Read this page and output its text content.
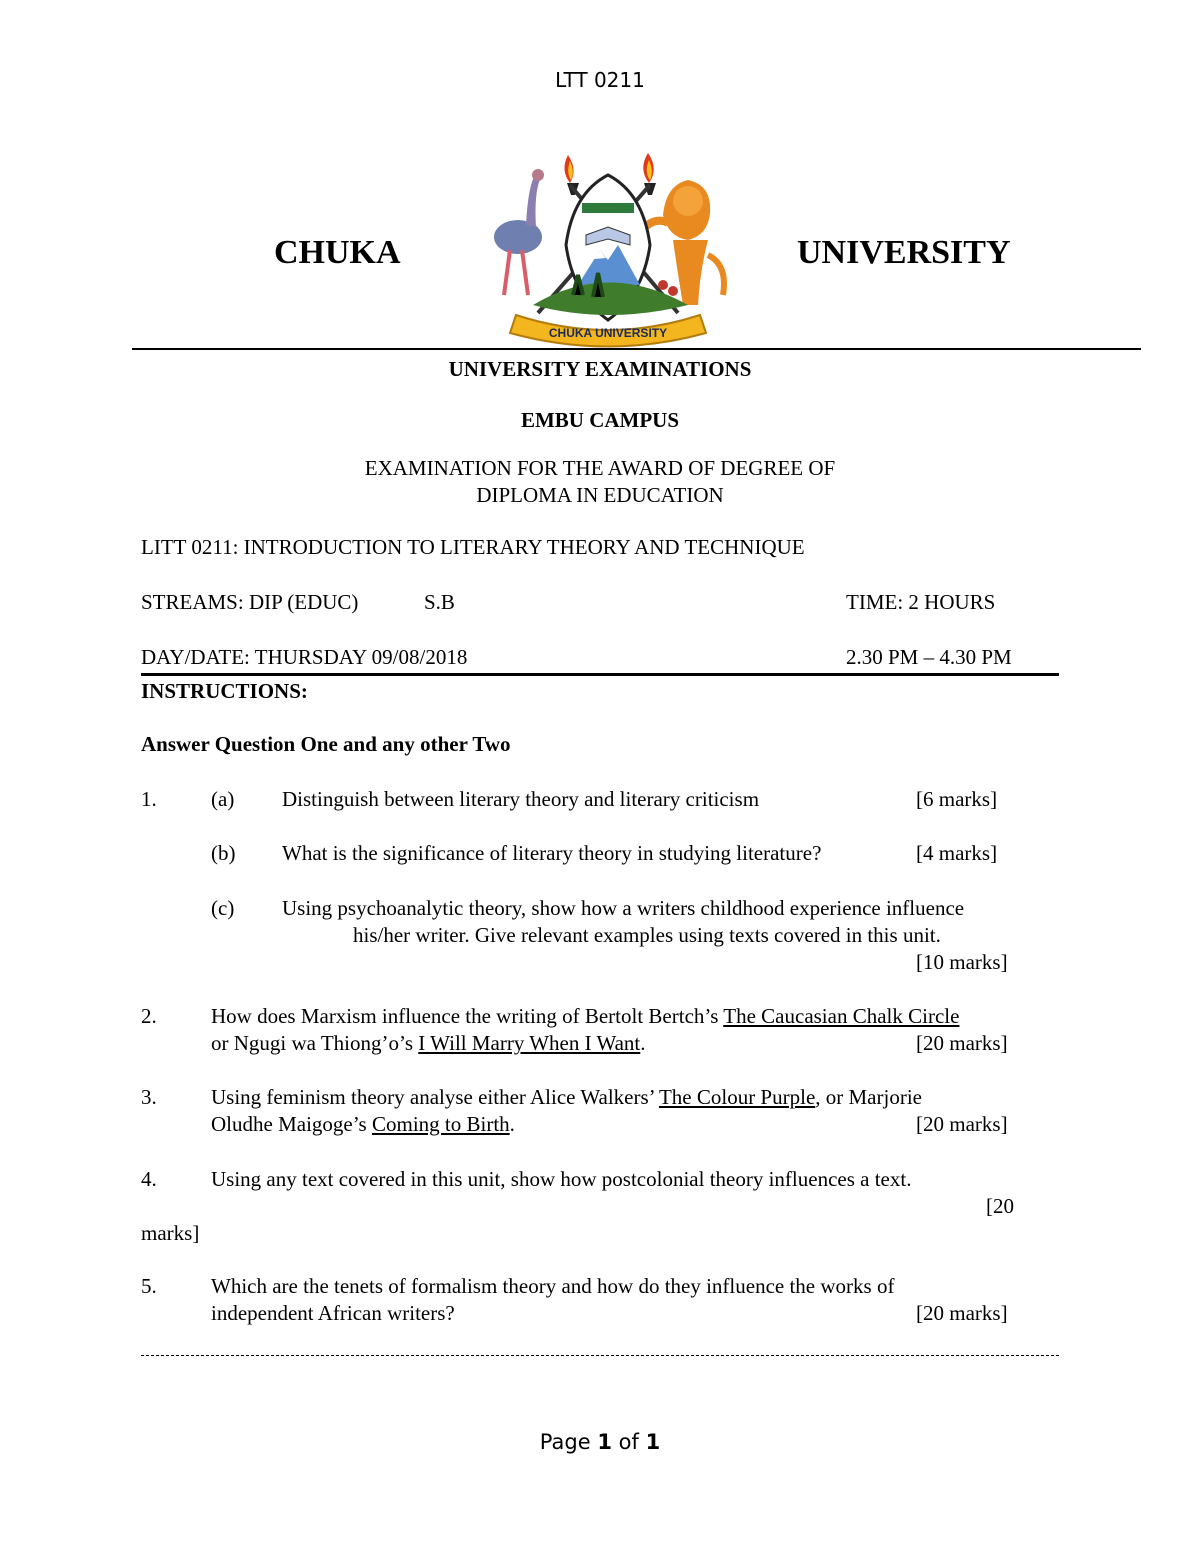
LTT 0211
CHUKA	UNIVERSITY
CHUKA UNIVERSITY
UNIVERSITY EXAMINATIONS
EMBU CAMPUS
EXAMINATION FOR THE AWARD OF DEGREE OF
DIPLOMA IN EDUCATION
LITT 0211: INTRODUCTION TO LITERARY THEORY AND TECHNIQUE
STREAMS: DIP (EDUC)	S.B	TIME: 2 HOURS
DAY/DATE: THURSDAY 09/08/2018	2.30 PM – 4.30 PM
INSTRUCTIONS:
Answer Question One and any other Two
1.	(a) Distinguish between literary theory and literary criticism	[6 marks]
(b) What is the significance of literary theory in studying literature?	[4 marks]
(c) Using psychoanalytic theory, show how a writers childhood experience influence
his/her writer. Give relevant examples using texts covered in this unit.
[10 marks]
2.	How does Marxism influence the writing of Bertolt Bertch’s The Caucasian Chalk Circle
or Ngugi wa Thiong’o’s I Will Marry When I Want.	[20 marks]
3.	Using feminism theory analyse either Alice Walkers’ The Colour Purple, or Marjorie
Oludhe Maigoge’s Coming to Birth.	[20 marks]
4.	Using any text covered in this unit, show how postcolonial theory influences a text.
[20
marks]
5.	Which are the tenets of formalism theory and how do they influence the works of
independent African writers?	[20 marks]
Page 1 of 1
